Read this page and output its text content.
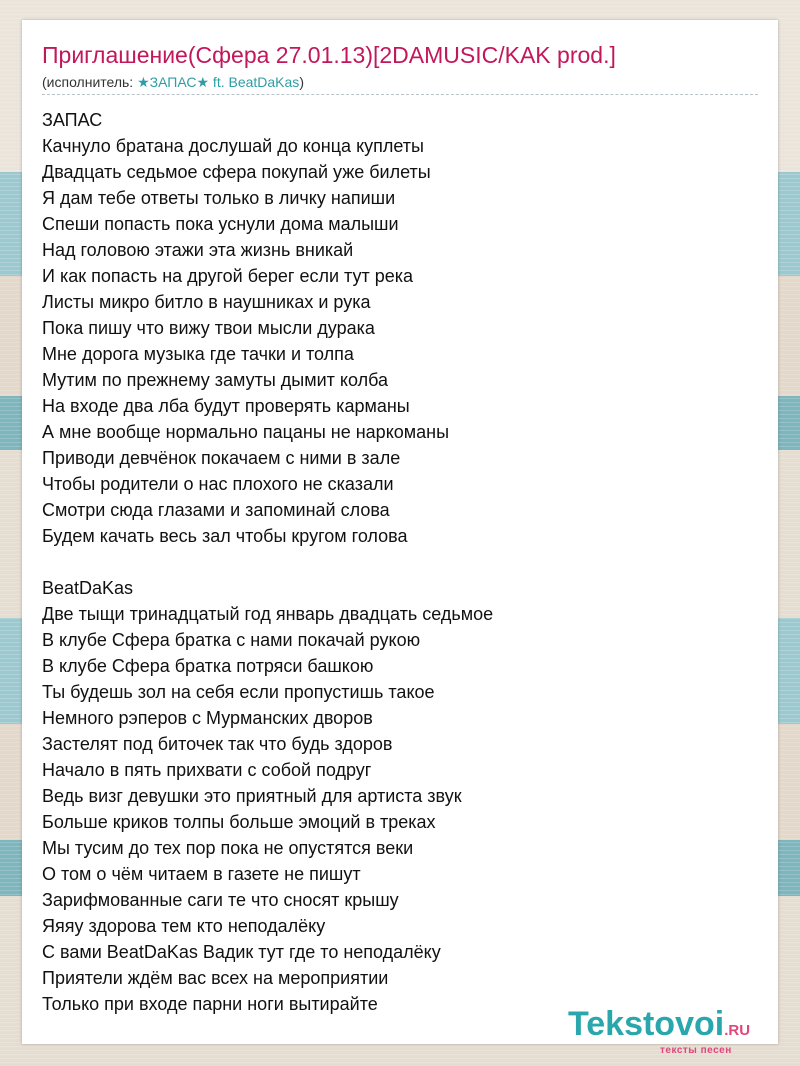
Приглашение(Сфера 27.01.13)[2DAMUSIC/KAK prod.]
(исполнитель: ★ЗАПАС★ ft. BeatDaKas)
ЗАПАС
Качнуло братана дослушай до конца куплеты
Двадцать седьмое сфера покупай уже билеты
Я дам тебе ответы только в личку напиши
Спеши попасть пока уснули дома малыши
Над головою этажи эта жизнь вникай
И как попасть на другой берег если тут река
Листы микро битло в наушниках и рука
Пока пишу что вижу твои мысли дурака
Мне дорога музыка где тачки и толпа
Мутим по прежнему замуты дымит колба
На входе два лба будут проверять карманы
А мне вообще нормально пацаны не наркоманы
Приводи девчёнок покачаем с ними в зале
Чтобы родители о нас плохого не сказали
Смотри сюда глазами и запоминай слова
Будем качать весь зал чтобы кругом голова
BeatDaKas
Две тыщи тринадцатый год январь двадцать седьмое
В клубе Сфера братка с нами покачай рукою
В клубе Сфера братка потряси башкою
Ты будешь зол на себя если пропустишь такое
Немного рэперов с Мурманских дворов
Застелят под биточек так что будь здоров
Начало в пять прихвати с собой подруг
Ведь визг девушки это приятный для артиста звук
Больше криков толпы больше эмоций в треках
Мы тусим до тех пор пока не опустятся веки
О том о чём читаем в газете не пишут
Зарифмованные саги те что сносят крышу
Яяяу здорова тем кто неподалёку
С вами BeatDaKas Вадик тут где то неподалёку
Приятели ждём вас всех на мероприятии
Только при входе парни ноги вытирайте
Tekstovoi.RU
тексты песен
